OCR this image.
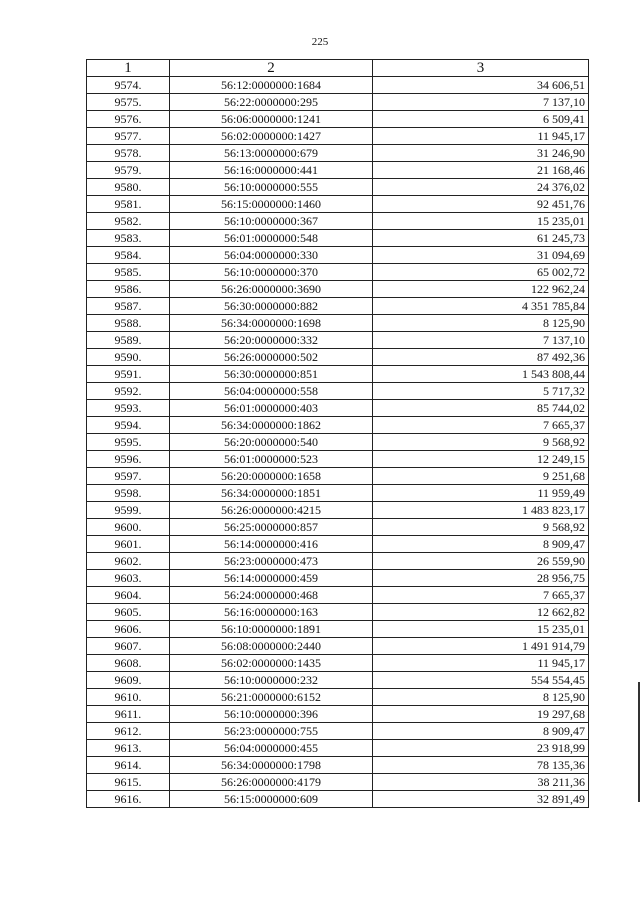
225
1	2	3
9574.	56:12:0000000:1684	34 606,51
9575.	56:22:0000000:295	7 137,10
9576.	56:06:0000000:1241	6 509,41
9577.	56:02:0000000:1427	11 945,17
9578.	56:13:0000000:679	31 246,90
9579.	56:16:0000000:441	21 168,46
9580.	56:10:0000000:555	24 376,02
9581.	56:15:0000000:1460	92 451,76
9582.	56:10:0000000:367	15 235,01
9583.	56:01:0000000:548	61 245,73
9584.	56:04:0000000:330	31 094,69
9585.	56:10:0000000:370	65 002,72
9586.	56:26:0000000:3690	122 962,24
9587.	56:30:0000000:882	4 351 785,84
9588.	56:34:0000000:1698	8 125,90
9589.	56:20:0000000:332	7 137,10
9590.	56:26:0000000:502	87 492,36
9591.	56:30:0000000:851	1 543 808,44
9592.	56:04:0000000:558	5 717,32
9593.	56:01:0000000:403	85 744,02
9594.	56:34:0000000:1862	7 665,37
9595.	56:20:0000000:540	9 568,92
9596.	56:01:0000000:523	12 249,15
9597.	56:20:0000000:1658	9 251,68
9598.	56:34:0000000:1851	11 959,49
9599.	56:26:0000000:4215	1 483 823,17
9600.	56:25:0000000:857	9 568,92
9601.	56:14:0000000:416	8 909,47
9602.	56:23:0000000:473	26 559,90
9603.	56:14:0000000:459	28 956,75
9604.	56:24:0000000:468	7 665,37
9605.	56:16:0000000:163	12 662,82
9606.	56:10:0000000:1891	15 235,01
9607.	56:08:0000000:2440	1 491 914,79
9608.	56:02:0000000:1435	11 945,17
9609.	56:10:0000000:232	554 554,45
9610.	56:21:0000000:6152	8 125,90
9611.	56:10:0000000:396	19 297,68
9612.	56:23:0000000:755	8 909,47
9613.	56:04:0000000:455	23 918,99
9614.	56:34:0000000:1798	78 135,36
9615.	56:26:0000000:4179	38 211,36
9616.	56:15:0000000:609	32 891,49
